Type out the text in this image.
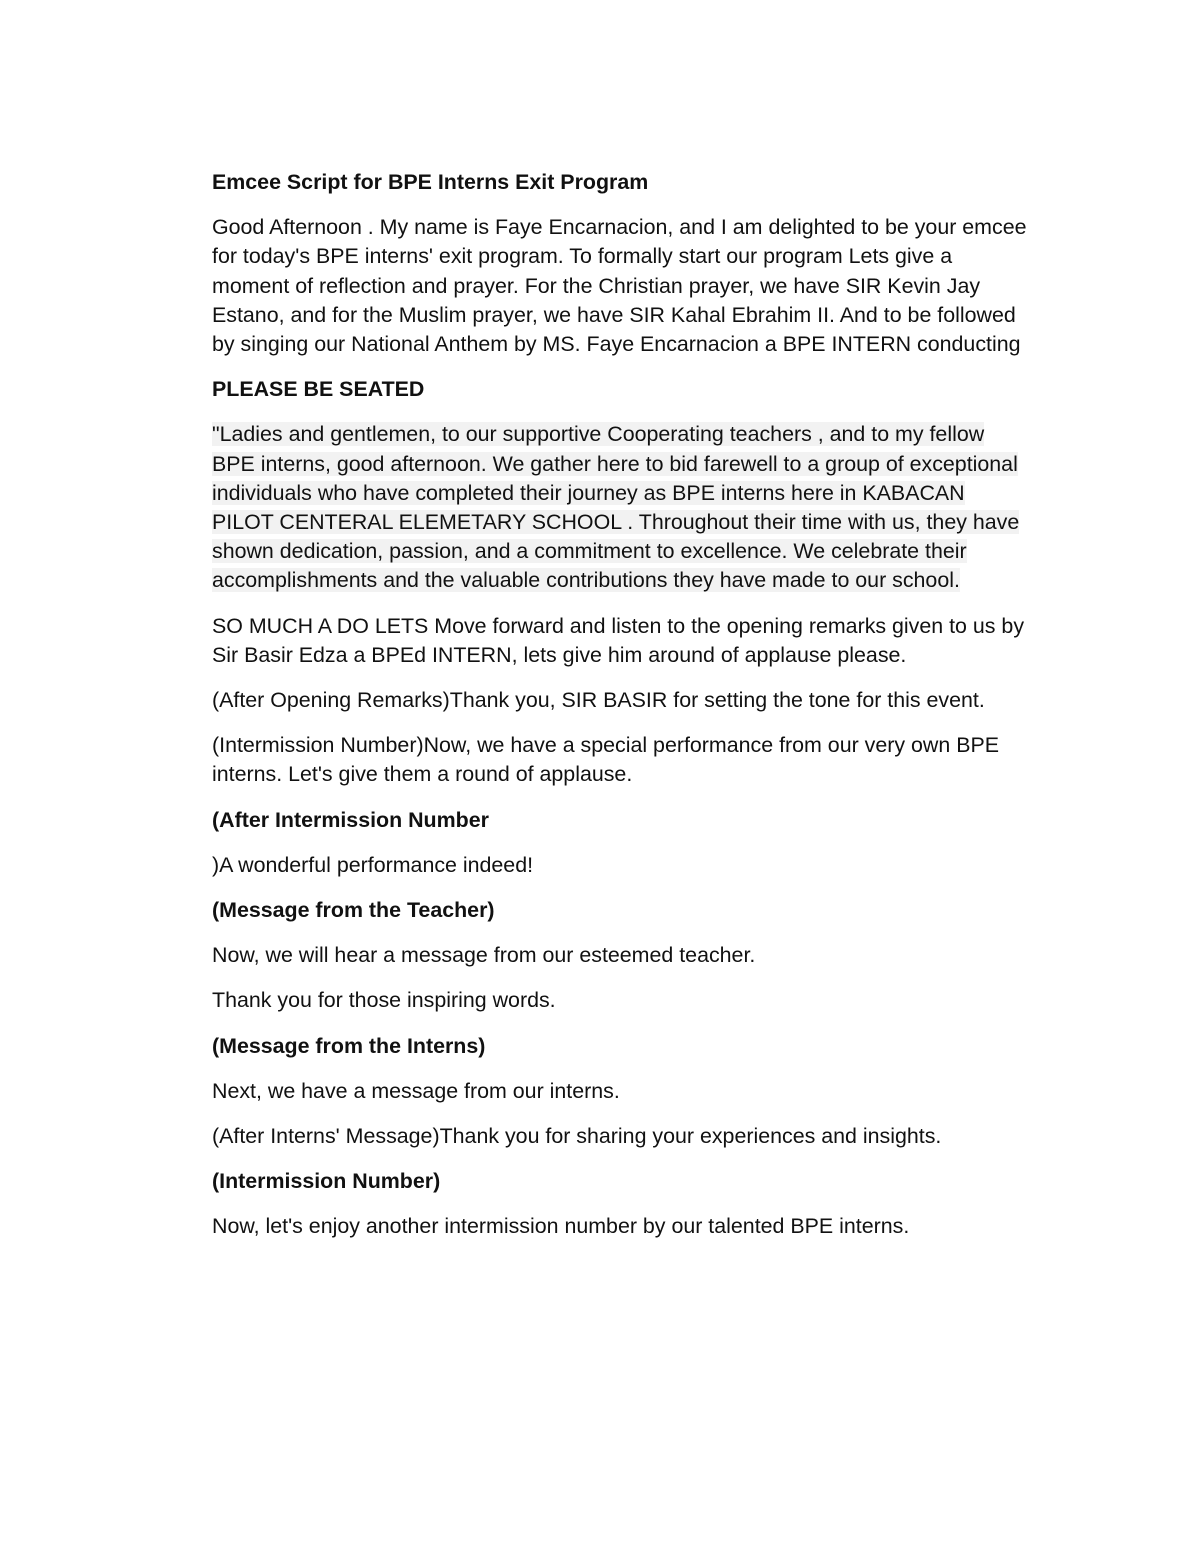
Emcee Script for BPE Interns Exit Program

Good Afternoon . My name is Faye Encarnacion, and I am delighted to be your emcee for today's BPE interns' exit program. To formally start our program Lets give a moment of reflection and prayer. For the Christian prayer, we have SIR Kevin Jay Estano, and for the Muslim prayer, we have SIR Kahal Ebrahim II. And to be followed by singing our National Anthem by MS. Faye Encarnacion a BPE INTERN conducting

PLEASE BE SEATED

"Ladies and gentlemen, to our supportive Cooperating teachers , and to my fellow BPE interns, good afternoon. We gather here to bid farewell to a group of exceptional individuals who have completed their journey as BPE interns here in KABACAN PILOT CENTERAL ELEMETARY SCHOOL . Throughout their time with us, they have shown dedication, passion, and a commitment to excellence. We celebrate their accomplishments and the valuable contributions they have made to our school.

SO MUCH A DO LETS Move forward and listen to the opening remarks given to us by Sir Basir Edza a BPEd INTERN, lets give him around of applause please.

(After Opening Remarks)Thank you, SIR BASIR for setting the tone for this event.

(Intermission Number)Now, we have a special performance from our very own BPE interns. Let's give them a round of applause.

(After Intermission Number

)A wonderful performance indeed!

(Message from the Teacher)

Now, we will hear a message from our esteemed teacher.

Thank you for those inspiring words.

(Message from the Interns)

Next, we have a message from our interns.

(After Interns' Message)Thank you for sharing your experiences and insights.

(Intermission Number)

Now, let's enjoy another intermission number by our talented BPE interns.
